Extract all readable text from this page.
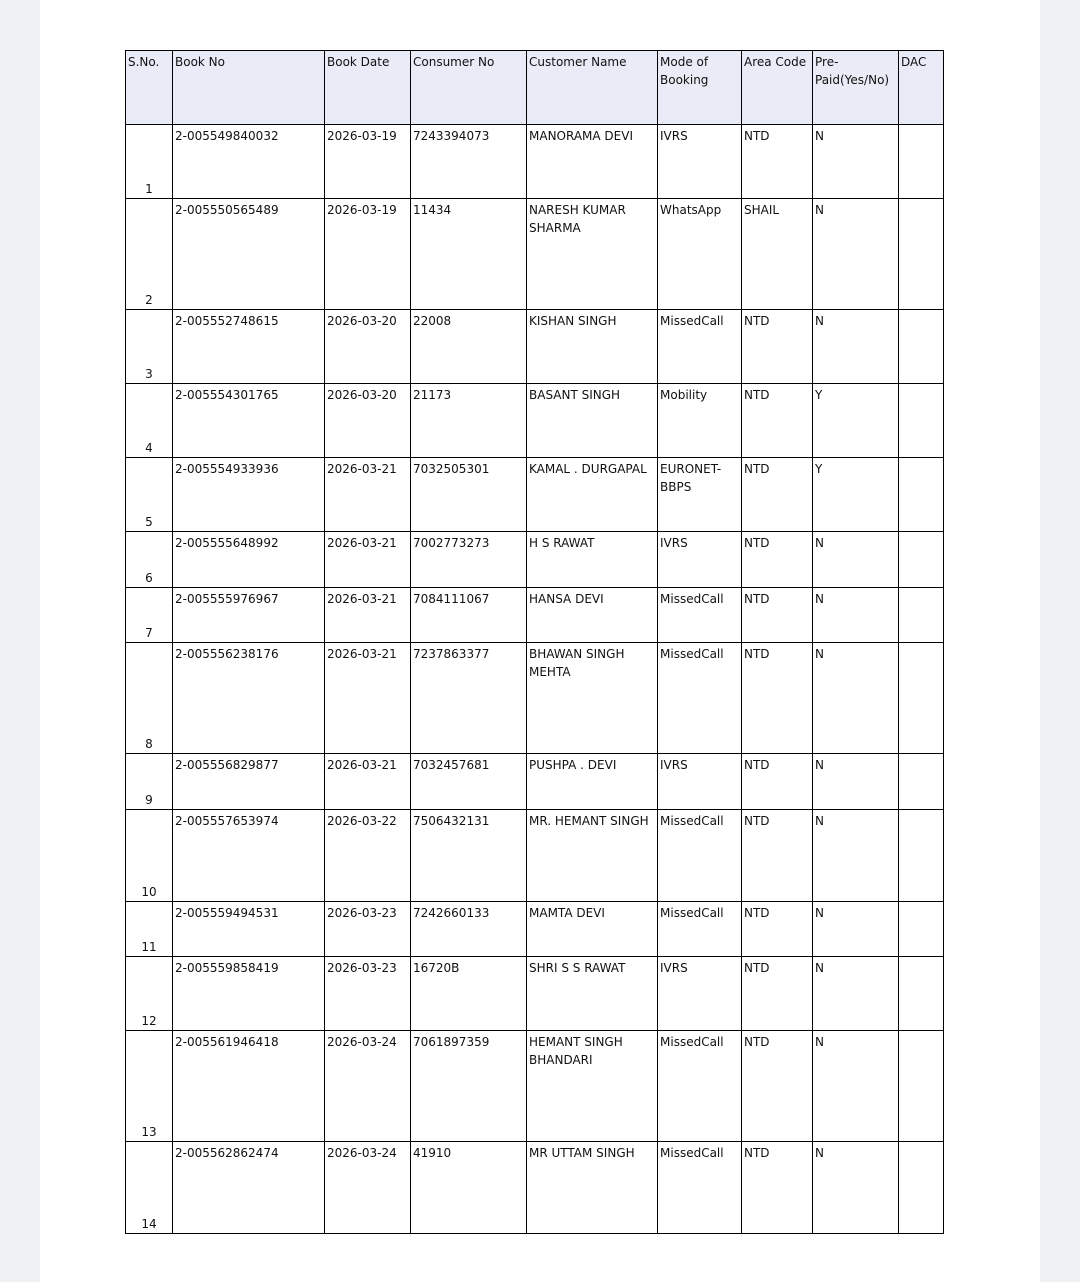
S.No.	Book No	Book Date	Consumer No	Customer Name	Mode of Booking	Area Code	Pre-Paid(Yes/No)	DAC
1	2-005549840032	2026-03-19	7243394073	MANORAMA DEVI	IVRS	NTD	N	
2	2-005550565489	2026-03-19	11434	NARESH KUMAR SHARMA	WhatsApp	SHAIL	N	
3	2-005552748615	2026-03-20	22008	KISHAN SINGH	MissedCall	NTD	N	
4	2-005554301765	2026-03-20	21173	BASANT SINGH	Mobility	NTD	Y	
5	2-005554933936	2026-03-21	7032505301	KAMAL . DURGAPAL	EURONET-BBPS	NTD	Y	
6	2-005555648992	2026-03-21	7002773273	H S RAWAT	IVRS	NTD	N	
7	2-005555976967	2026-03-21	7084111067	HANSA DEVI	MissedCall	NTD	N	
8	2-005556238176	2026-03-21	7237863377	BHAWAN SINGH MEHTA	MissedCall	NTD	N	
9	2-005556829877	2026-03-21	7032457681	PUSHPA . DEVI	IVRS	NTD	N	
10	2-005557653974	2026-03-22	7506432131	MR. HEMANT SINGH	MissedCall	NTD	N	
11	2-005559494531	2026-03-23	7242660133	MAMTA DEVI	MissedCall	NTD	N	
12	2-005559858419	2026-03-23	16720B	SHRI S S RAWAT	IVRS	NTD	N	
13	2-005561946418	2026-03-24	7061897359	HEMANT SINGH BHANDARI	MissedCall	NTD	N	
14	2-005562862474	2026-03-24	41910	MR UTTAM SINGH	MissedCall	NTD	N	
